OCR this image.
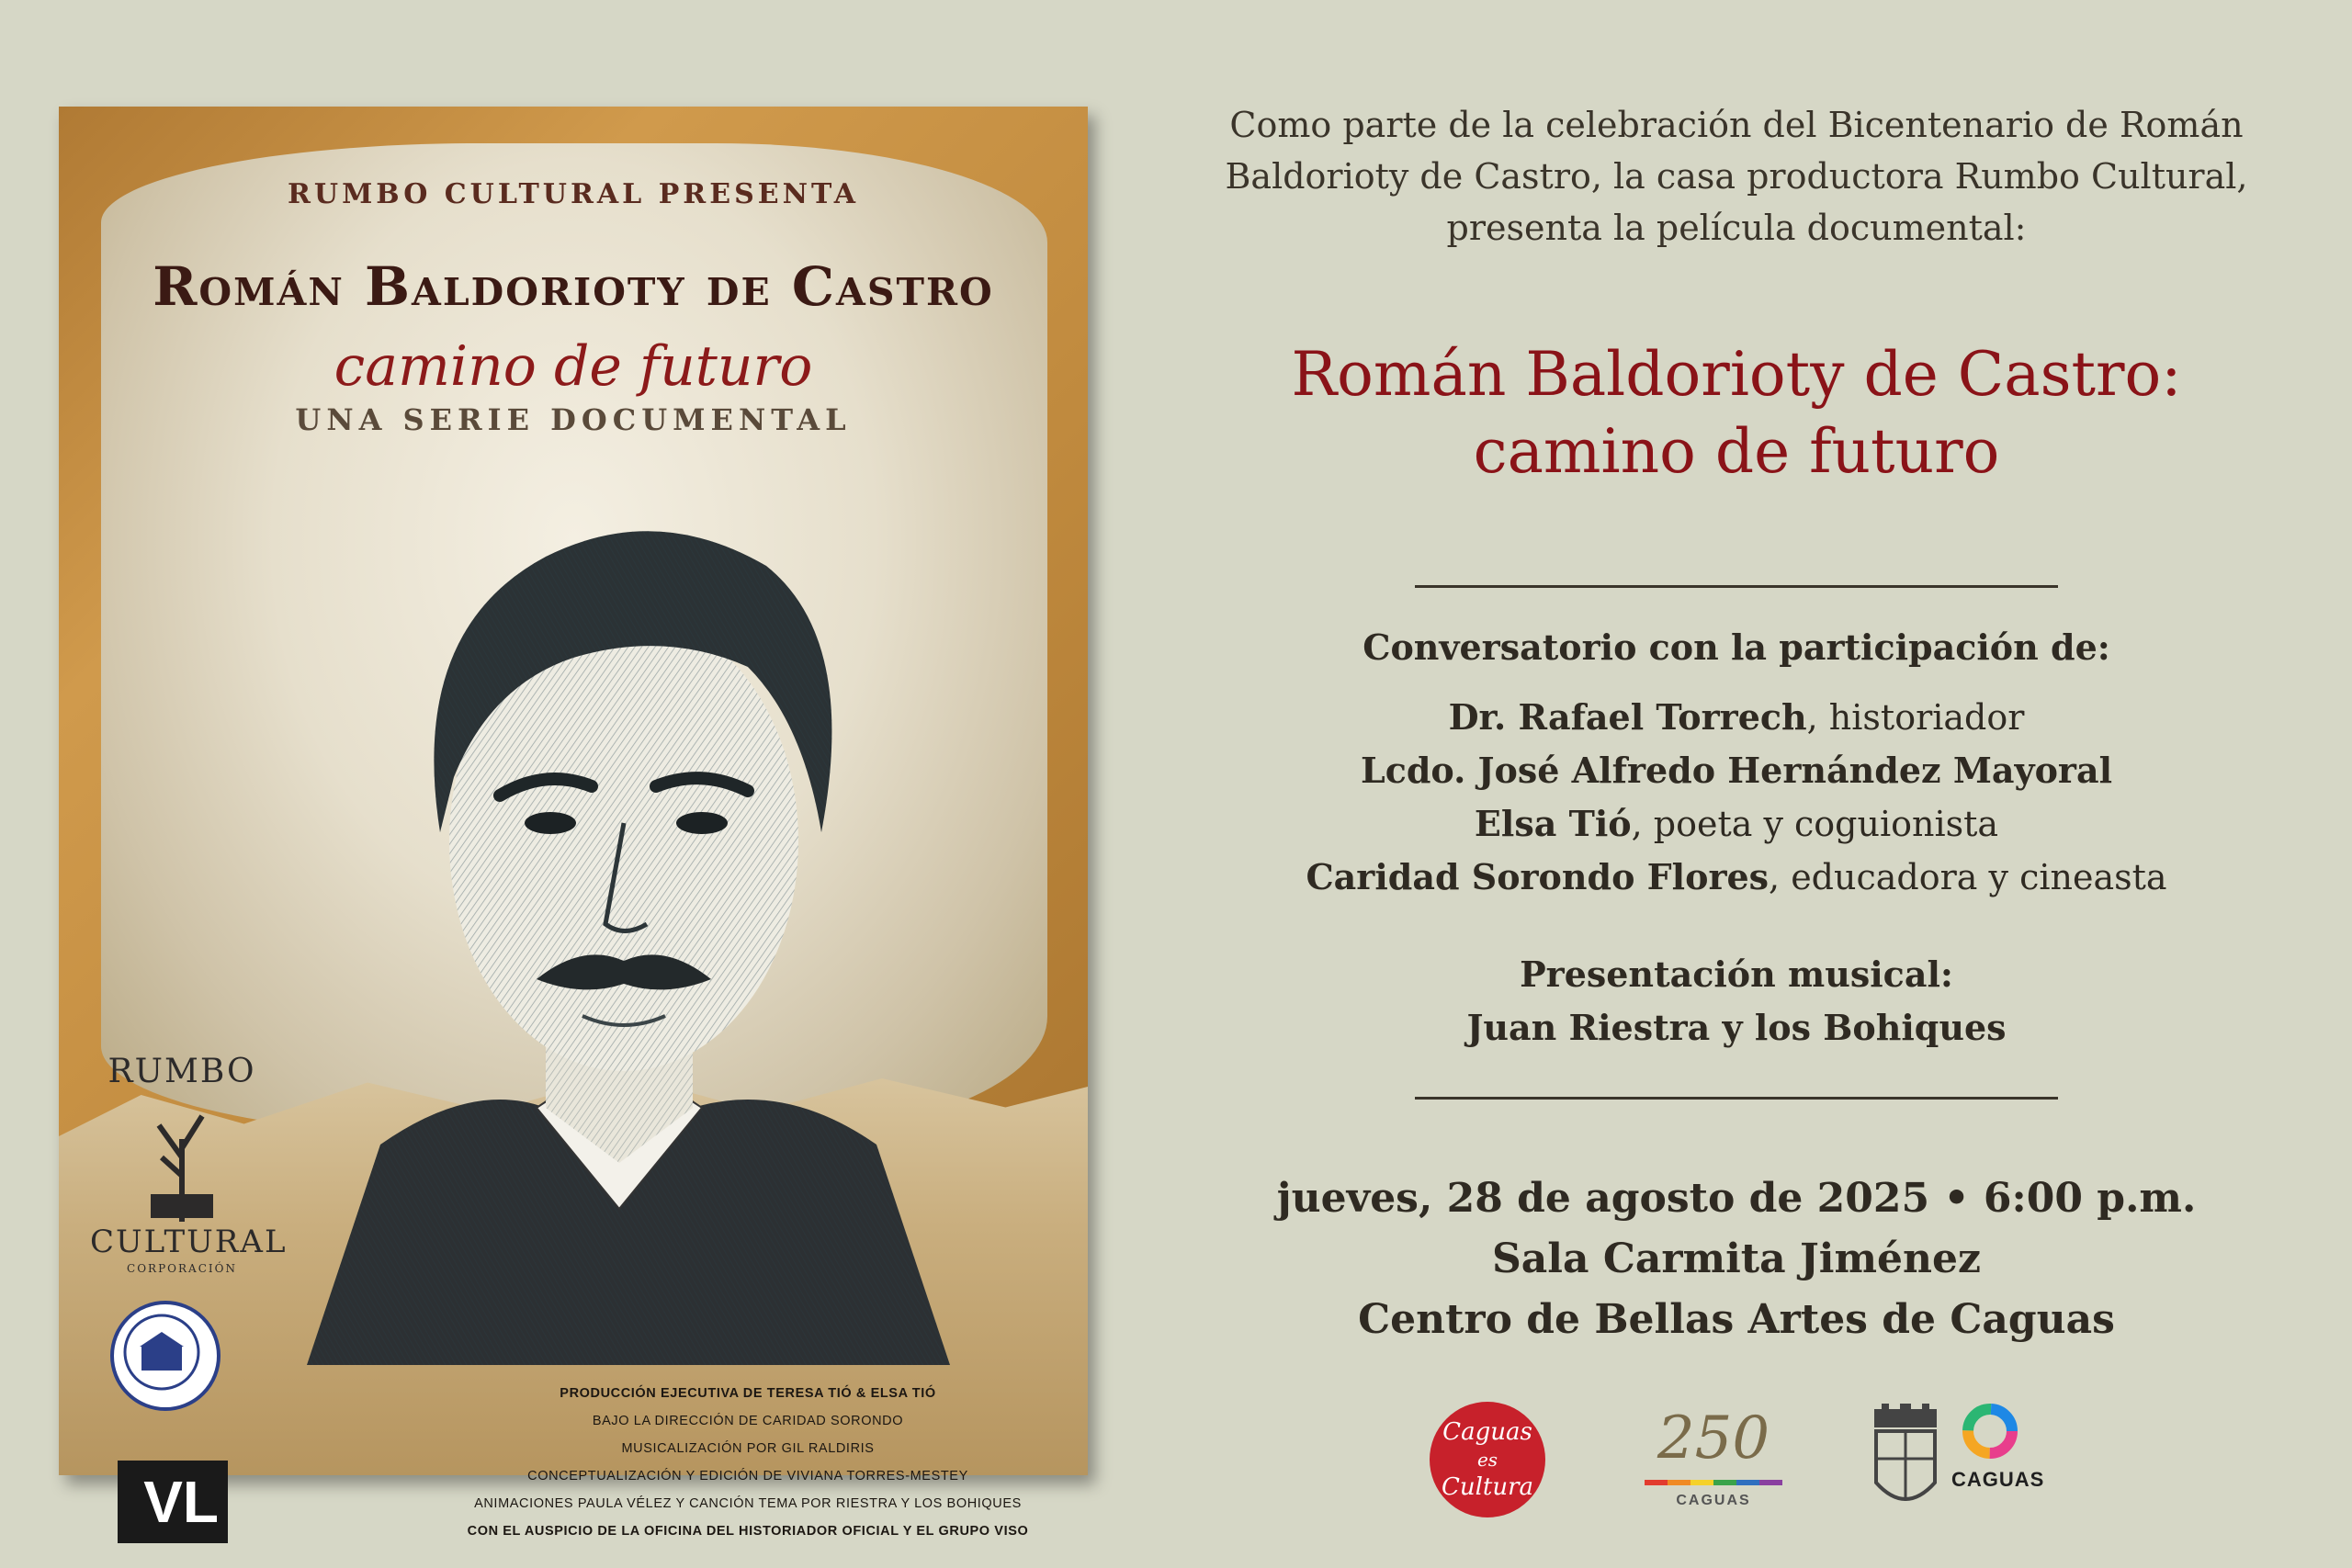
RUMBO CULTURAL PRESENTA
Román Baldorioty de Castro
camino de futuro
UNA SERIE DOCUMENTAL
RUMBO
CULTURAL
CORPORACIÓN
VL
PRODUCCIÓN EJECUTIVA DE TERESA TIÓ & ELSA TIÓ
BAJO LA DIRECCIÓN DE CARIDAD SORONDO
MUSICALIZACIÓN POR GIL RALDIRIS
CONCEPTUALIZACIÓN Y EDICIÓN DE VIVIANA TORRES-MESTEY
ANIMACIONES PAULA VÉLEZ Y CANCIÓN TEMA POR RIESTRA Y LOS BOHIQUES
CON EL AUSPICIO DE LA OFICINA DEL HISTORIADOR OFICIAL Y EL GRUPO VISO
Como parte de la celebración del Bicentenario de Román
Baldorioty de Castro, la casa productora Rumbo Cultural,
presenta la película documental:
Román Baldorioty de Castro:
camino de futuro
Conversatorio con la participación de:
Dr. Rafael Torrech, historiador
Lcdo. José Alfredo Hernández Mayoral
Elsa Tió, poeta y coguionista
Caridad Sorondo Flores, educadora y cineasta
Presentación musical:
Juan Riestra y los Bohiques
jueves, 28 de agosto de 2025 • 6:00 p.m.
Sala Carmita Jiménez
Centro de Bellas Artes de Caguas
Caguas
es
Cultura
250
CAGUAS
CAGUAS
